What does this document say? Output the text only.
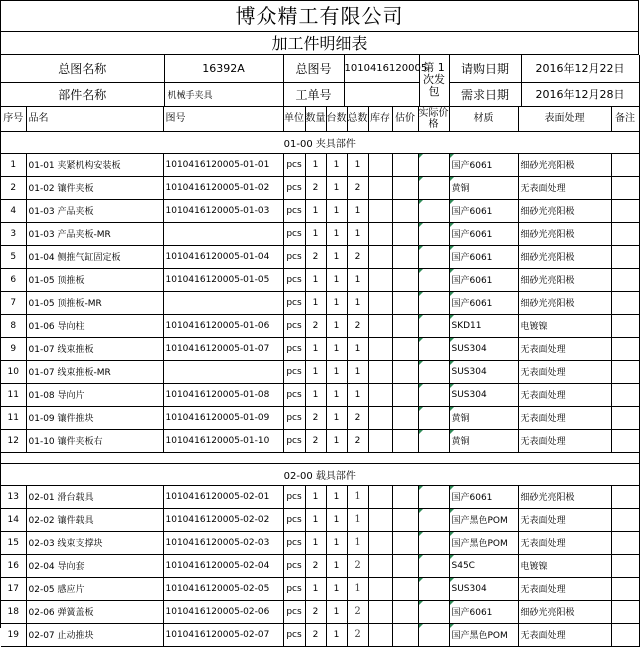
博众精工有限公司
加工件明细表
总图名称	16392A	总图号	1010416120005	第 1 次发包	请购日期	2016年12月22日
部件名称	机械手夹具	工单号			需求日期	2016年12月28日
序号	品名	图号	单位	数量	台数	总数	库存	估价	实际价格	材质	表面处理	备注
01-00 夹具部件												
1	01-01 夹紧机构安装板	1010416120005-01-01	pcs	1	1	1				国产6061	细砂光亮阳极	
2	01-02 镶件夹板	1010416120005-01-02	pcs	2	1	2				黄铜	无表面处理	
4	01-03 产品夹板	1010416120005-01-03	pcs	1	1	1				国产6061	细砂光亮阳极	
3	01-03 产品夹板-MR		pcs	1	1	1				国产6061	细砂光亮阳极	
5	01-04 侧推气缸固定板	1010416120005-01-04	pcs	2	1	2				国产6061	细砂光亮阳极	
6	01-05 顶推板	1010416120005-01-05	pcs	1	1	1				国产6061	细砂光亮阳极	
7	01-05 顶推板-MR		pcs	1	1	1				国产6061	细砂光亮阳极	
8	01-06 导向柱	1010416120005-01-06	pcs	2	1	2				SKD11	电镀镍	
9	01-07 线束推板	1010416120005-01-07	pcs	1	1	1				SUS304	无表面处理	
10	01-07 线束推板-MR		pcs	1	1	1				SUS304	无表面处理	
11	01-08 导向片	1010416120005-01-08	pcs	1	1	1				SUS304	无表面处理	
11	01-09 镶件推块	1010416120005-01-09	pcs	2	1	2				黄铜	无表面处理	
12	01-10 镶件夹板右	1010416120005-01-10	pcs	2	1	2				黄铜	无表面处理	

02-00 载具部件												
13	02-01 滑台载具	1010416120005-02-01	pcs	1	1	1				国产6061	细砂光亮阳极	
14	02-02 镶件载具	1010416120005-02-02	pcs	1	1	1				国产黑色POM	无表面处理	
15	02-03 线束支撑块	1010416120005-02-03	pcs	1	1	1				国产黑色POM	无表面处理	
16	02-04 导向套	1010416120005-02-04	pcs	2	1	2				S45C	电镀镍	
17	02-05 感应片	1010416120005-02-05	pcs	1	1	1				SUS304	无表面处理	
18	02-06 弹簧盖板	1010416120005-02-06	pcs	2	1	2				国产6061	细砂光亮阳极	
19	02-07 止动推块	1010416120005-02-07	pcs	2	1	2				国产黑色POM	无表面处理	
